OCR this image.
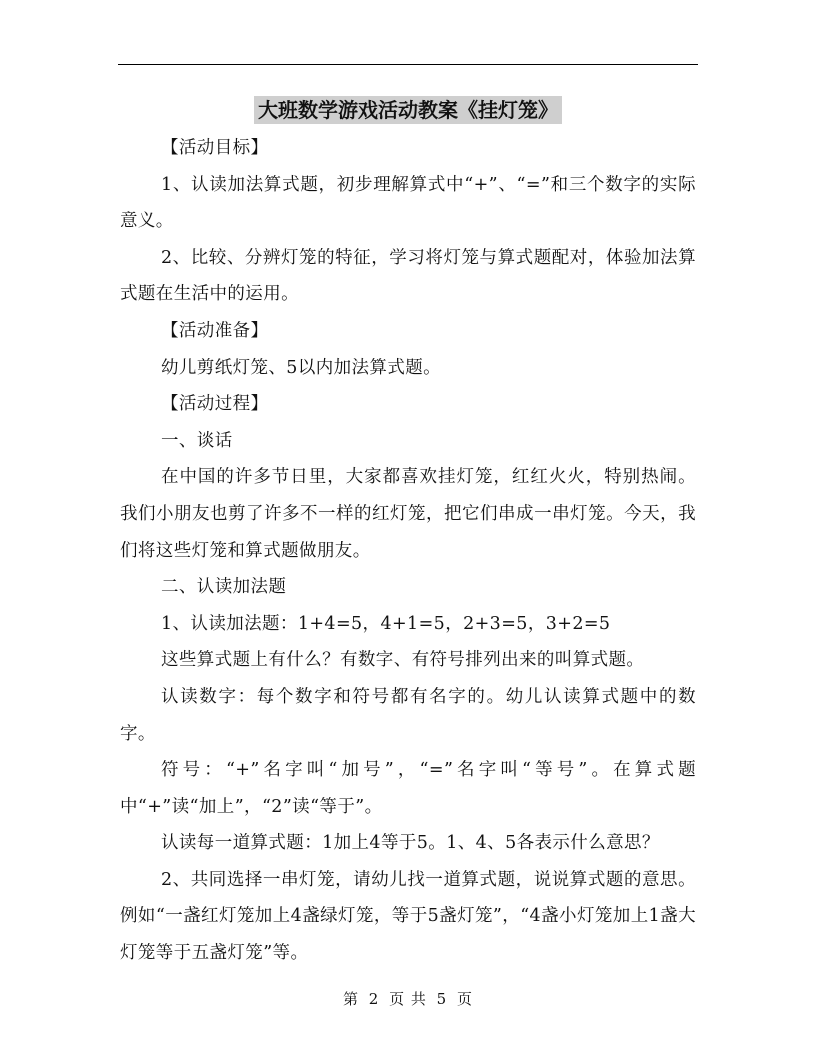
大班数学游戏活动教案《挂灯笼》

【活动目标】

1、认读加法算式题，初步理解算式中“+”、“=”和三个数字的实际意义。

2、比较、分辨灯笼的特征，学习将灯笼与算式题配对，体验加法算式题在生活中的运用。

【活动准备】

幼儿剪纸灯笼、5以内加法算式题。

【活动过程】

一、谈话

在中国的许多节日里，大家都喜欢挂灯笼，红红火火，特别热闹。我们小朋友也剪了许多不一样的红灯笼，把它们串成一串灯笼。今天，我们将这些灯笼和算式题做朋友。

二、认读加法题

1、认读加法题：1+4=5，4+1=5，2+3=5，3+2=5

这些算式题上有什么？有数字、有符号排列出来的叫算式题。

认读数字：每个数字和符号都有名字的。幼儿认读算式题中的数字。

符号：“+”名字叫“加号”，“=”名字叫“等号”。在算式题中“+”读“加上”，“2”读“等于”。

认读每一道算式题：1加上4等于5。1、4、5各表示什么意思？

2、共同选择一串灯笼，请幼儿找一道算式题，说说算式题的意思。例如“一盏红灯笼加上4盏绿灯笼，等于5盏灯笼”，“4盏小灯笼加上1盏大灯笼等于五盏灯笼”等。

第 2 页 共 5 页
